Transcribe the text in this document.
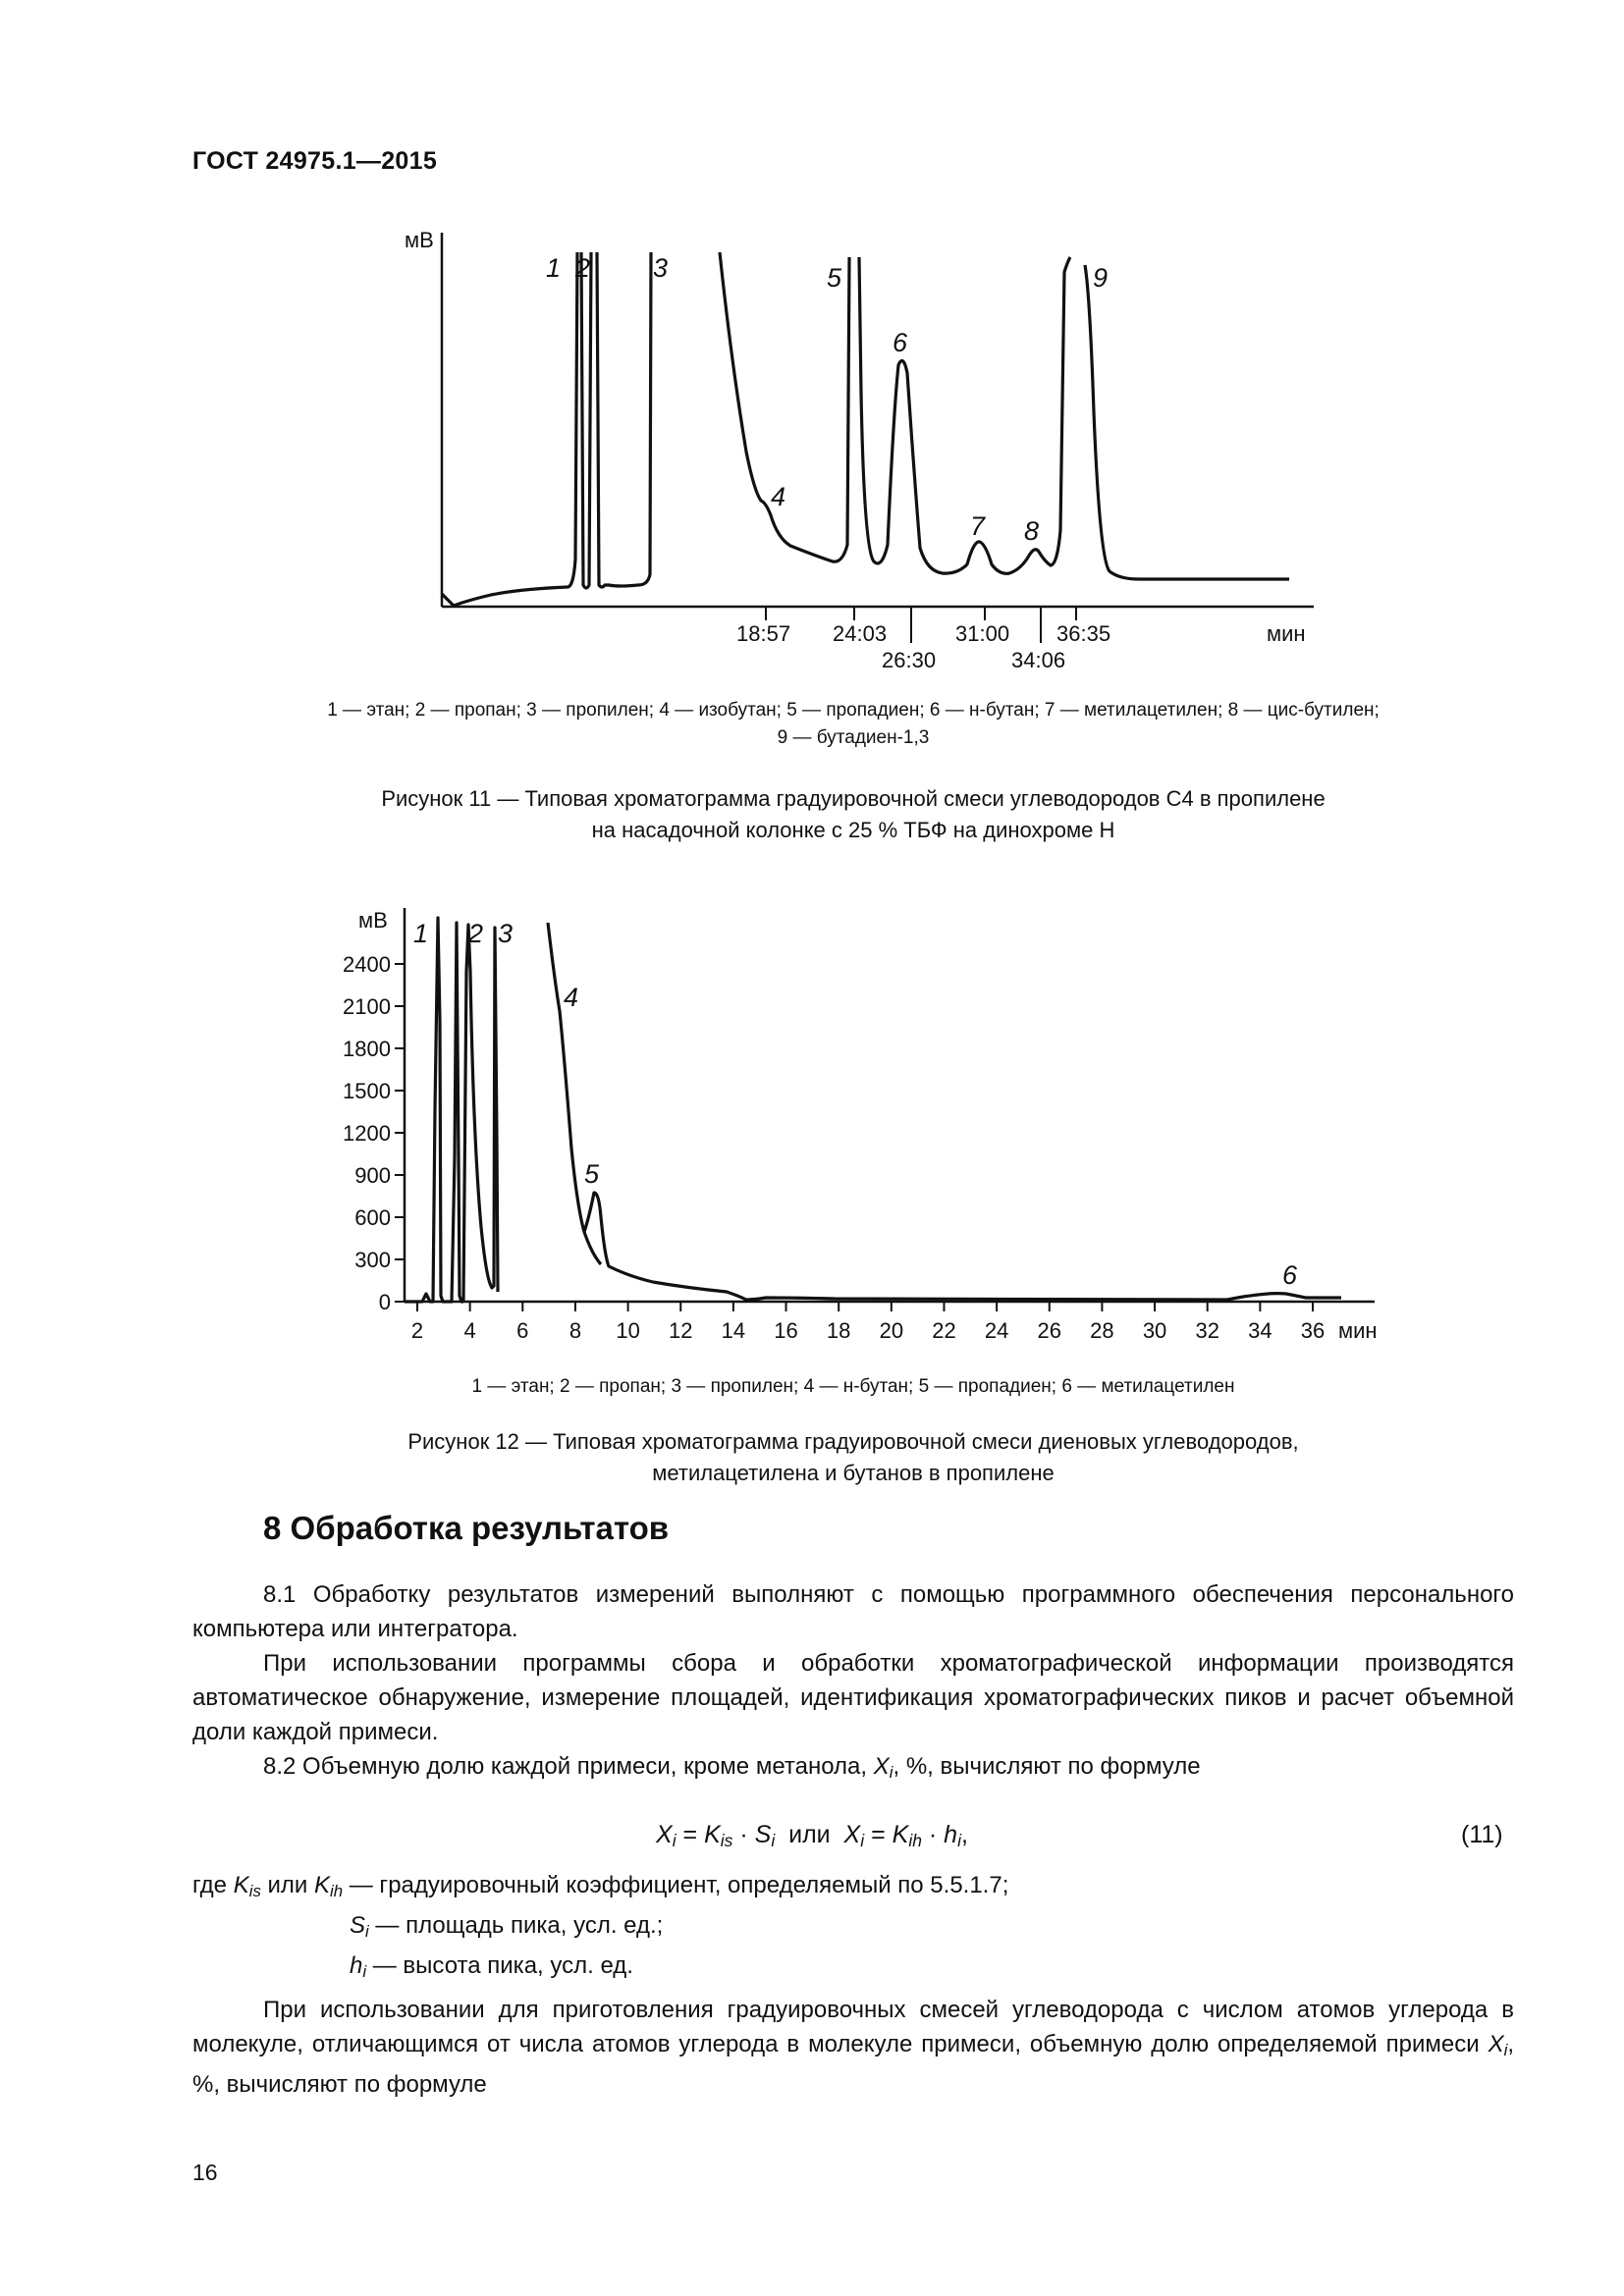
ГОСТ 24975.1—2015
мВ
18:57 24:03	31:00 36:35
26:30	34:06
мин
1 2 3
4
5
6
7 8
9
1 — этан; 2 — пропан; 3 — пропилен; 4 — изобутан; 5 — пропадиен; 6 — н-бутан; 7 — метилацетилен; 8 — цис-бутилен;
9 — бутадиен-1,3
Рисунок 11 — Типовая хроматограмма градуировочной смеси углеводородов С4 в пропилене
на насадочной колонке с 25 % ТБФ на динохроме Н
0
300
600
900
1200
1500
1800
2100
2400
2 4 6 8 10 12 14 16 18 20 22 24 26 28 30 32 34 36
мВ
мин
1 2 3
4
5
6
1 — этан; 2 — пропан; 3 — пропилен; 4 — н-бутан; 5 — пропадиен; 6 — метилацетилен
Рисунок 12 — Типовая хроматограмма градуировочной смеси диеновых углеводородов,
метилацетилена и бутанов в пропилене
8 Обработка результатов

8.1 Обработку результатов измерений выполняют с помощью программного обеспечения персонального компьютера или интегратора.

При использовании программы сбора и обработки хроматографической информации производятся автоматическое обнаружение, измерение площадей, идентификация хроматографических пиков и расчет объемной доли каждой примеси.

8.2 Объемную долю каждой примеси, кроме метанола, $X_i$, %, вычисляют по формуле

$X_i = K_{is} \cdot S_i$ или $X_i = K_{ih} \cdot h_i$,	(11)

где $K_{is}$ или $K_{ih}$ — градуировочный коэффициент, определяемый по 5.5.1.7;

$S_i$ — площадь пика, усл. ед.;

$h_i$ — высота пика, усл. ед.

При использовании для приготовления градуировочных смесей углеводорода с числом атомов углерода в молекуле, отличающимся от числа атомов углерода в молекуле примеси, объемную долю определяемой примеси $X_i$, %, вычисляют по формуле

16
